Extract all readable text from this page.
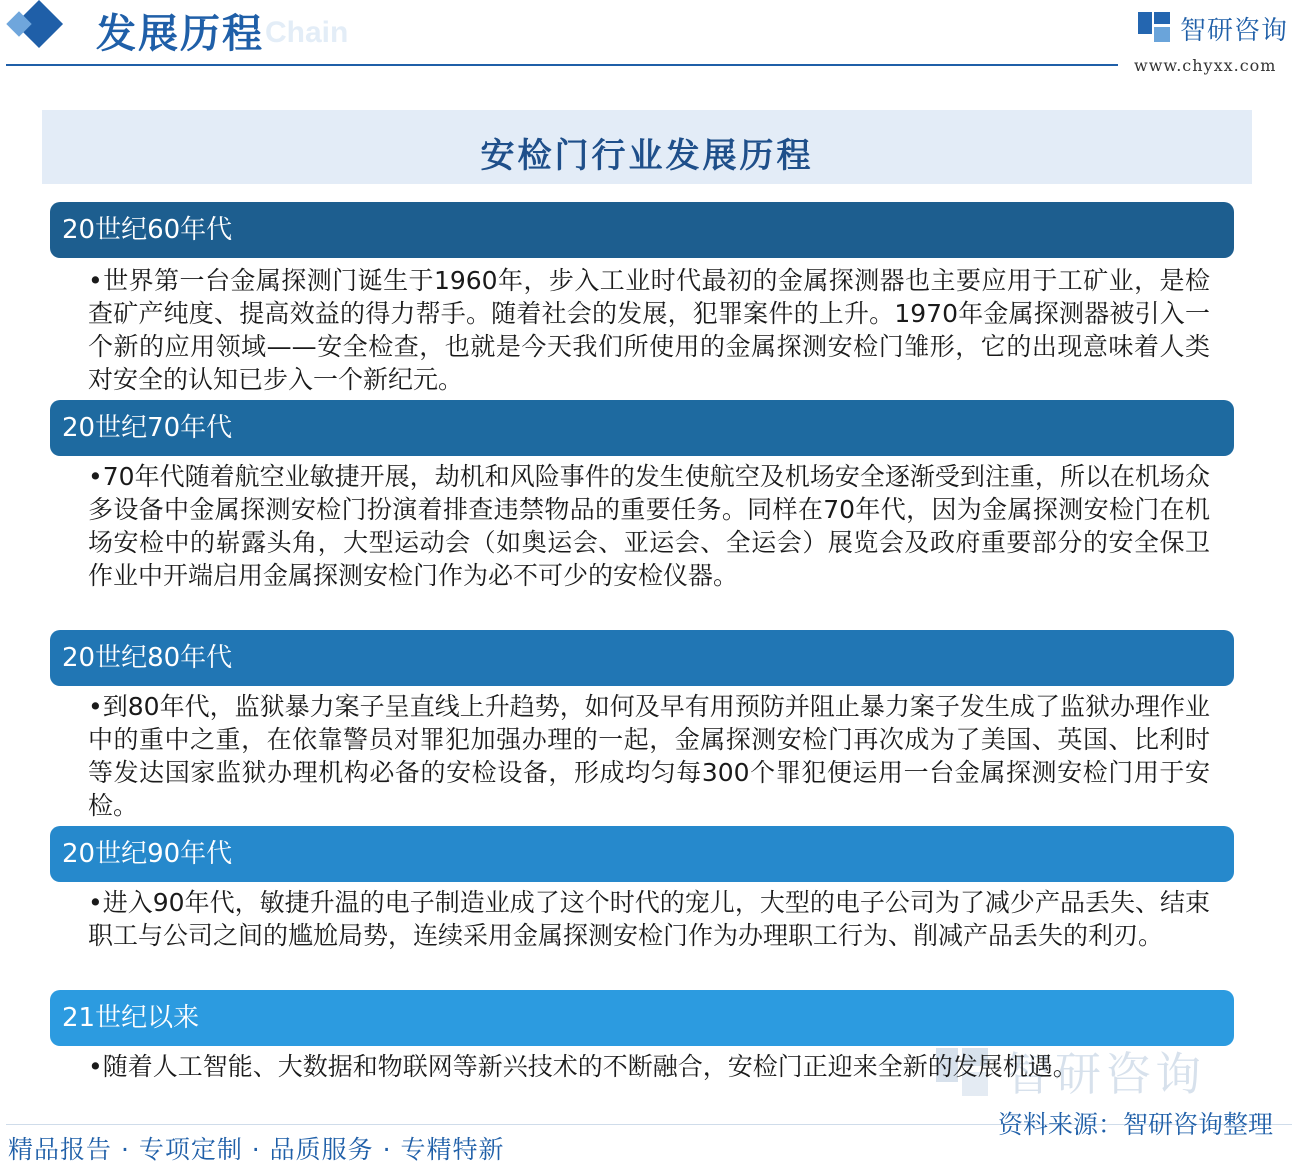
Chain
发展历程	智研咨询
www.chyxx.com
安检门行业发展历程
智研咨询
20世纪60年代
•世界第一台金属探测门诞生于1960年，步入工业时代最初的金属探测器也主要应用于工矿业，是检查矿产纯度、提高效益的得力帮手。随着社会的发展，犯罪案件的上升。1970年金属探测器被引入一个新的应用领域——安全检查，也就是今天我们所使用的金属探测安检门雏形，它的出现意味着人类对安全的认知已步入一个新纪元。
20世纪70年代
•70年代随着航空业敏捷开展，劫机和风险事件的发生使航空及机场安全逐渐受到注重，所以在机场众多设备中金属探测安检门扮演着排查违禁物品的重要任务。同样在70年代，因为金属探测安检门在机场安检中的崭露头角，大型运动会（如奥运会、亚运会、全运会）展览会及政府重要部分的安全保卫作业中开端启用金属探测安检门作为必不可少的安检仪器。
20世纪80年代
•到80年代，监狱暴力案子呈直线上升趋势，如何及早有用预防并阻止暴力案子发生成了监狱办理作业中的重中之重，在依靠警员对罪犯加强办理的一起，金属探测安检门再次成为了美国、英国、比利时等发达国家监狱办理机构必备的安检设备，形成均匀每300个罪犯便运用一台金属探测安检门用于安检。
20世纪90年代
•进入90年代，敏捷升温的电子制造业成了这个时代的宠儿，大型的电子公司为了减少产品丢失、结束职工与公司之间的尴尬局势，连续采用金属探测安检门作为办理职工行为、削减产品丢失的利刃。
21世纪以来
•随着人工智能、大数据和物联网等新兴技术的不断融合，安检门正迎来全新的发展机遇。
资料来源：智研咨询整理
精品报告 · 专项定制 · 品质服务 · 专精特新
